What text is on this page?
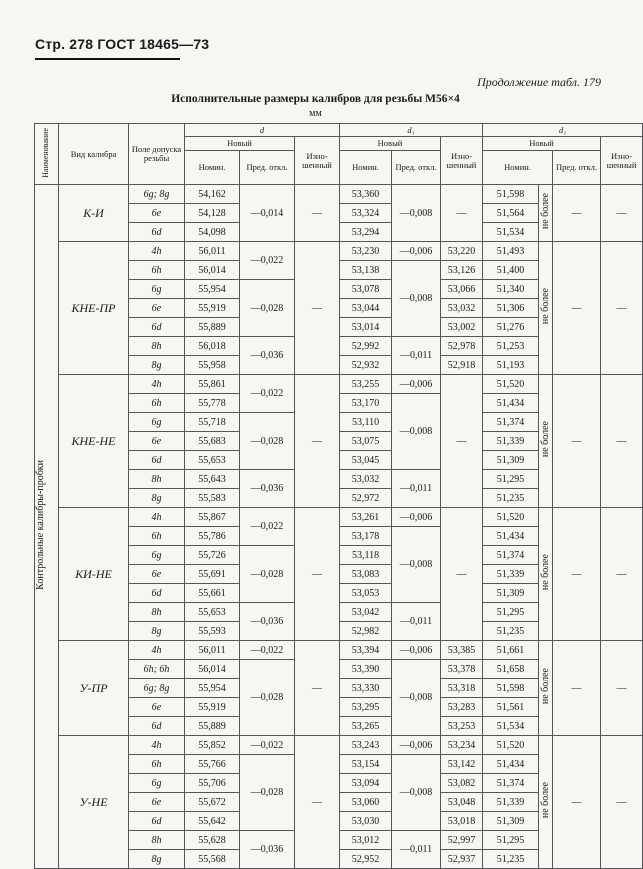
Стр. 278 ГОСТ 18465—73
Продолжение табл. 179
Исполнительные размеры калибров для резьбы M56×4
мм
Наименование		Вид калибра	Поле допуска резьбы	d			d₁			d₁			
				Новый		Изно-шенный	Новый		Изно-шенный	Новый			Изно-шенный
				Номин.	Пред. откл.		Номин.	Пред. откл.		Номин.		Пред. откл.	
Контрольные калибры-пробки		К-И	6g; 8g	54,162	—0,014	—	53,360	—0,008	—	51,598	не более	—	—
			6e	54,128			53,324			51,564			
			6d	54,098			53,294			51,534			
		КНЕ-ПР	4h	56,011	—0,022	—	53,230	—0,006	53,220	51,493	не более	—	—
			6h	56,014			53,138	—0,008	53,126	51,400			
			6g	55,954	—0,028		53,078		53,066	51,340			
			6e	55,919			53,044		53,032	51,306			
			6d	55,889			53,014		53,002	51,276			
			8h	56,018	—0,036		52,992	—0,011	52,978	51,253			
			8g	55,958			52,932		52,918	51,193			
		КНЕ-НЕ	4h	55,861	—0,022	—	53,255	—0,006	—	51,520	не более	—	—
			6h	55,778			53,170	—0,008		51,434			
			6g	55,718	—0,028		53,110			51,374			
			6e	55,683			53,075			51,339			
			6d	55,653			53,045			51,309			
			8h	55,643	—0,036		53,032	—0,011		51,295			
			8g	55,583			52,972			51,235			
		КИ-НЕ	4h	55,867	—0,022	—	53,261	—0,006	—	51,520	не более	—	—
			6h	55,786			53,178	—0,008		51,434			
			6g	55,726	—0,028		53,118			51,374			
			6e	55,691			53,083			51,339			
			6d	55,661			53,053			51,309			
			8h	55,653	—0,036		53,042	—0,011		51,295			
			8g	55,593			52,982			51,235			
		У-ПР	4h	56,011	—0,022	—	53,394	—0,006	53,385	51,661	не более	—	—
			6h; 6h	56,014	—0,028		53,390	—0,008	53,378	51,658			
			6g; 8g	55,954			53,330		53,318	51,598			
			6e	55,919			53,295		53,283	51,561			
			6d	55,889			53,265		53,253	51,534			
		У-НЕ	4h	55,852	—0,022	—	53,243	—0,006	53,234	51,520	не более	—	—
			6h	55,766	—0,028		53,154	—0,008	53,142	51,434			
			6g	55,706			53,094		53,082	51,374			
			6e	55,672			53,060		53,048	51,339			
			6d	55,642			53,030		53,018	51,309			
			8h	55,628	—0,036		53,012	—0,011	52,997	51,295			
			8g	55,568			52,952		52,937	51,235			
